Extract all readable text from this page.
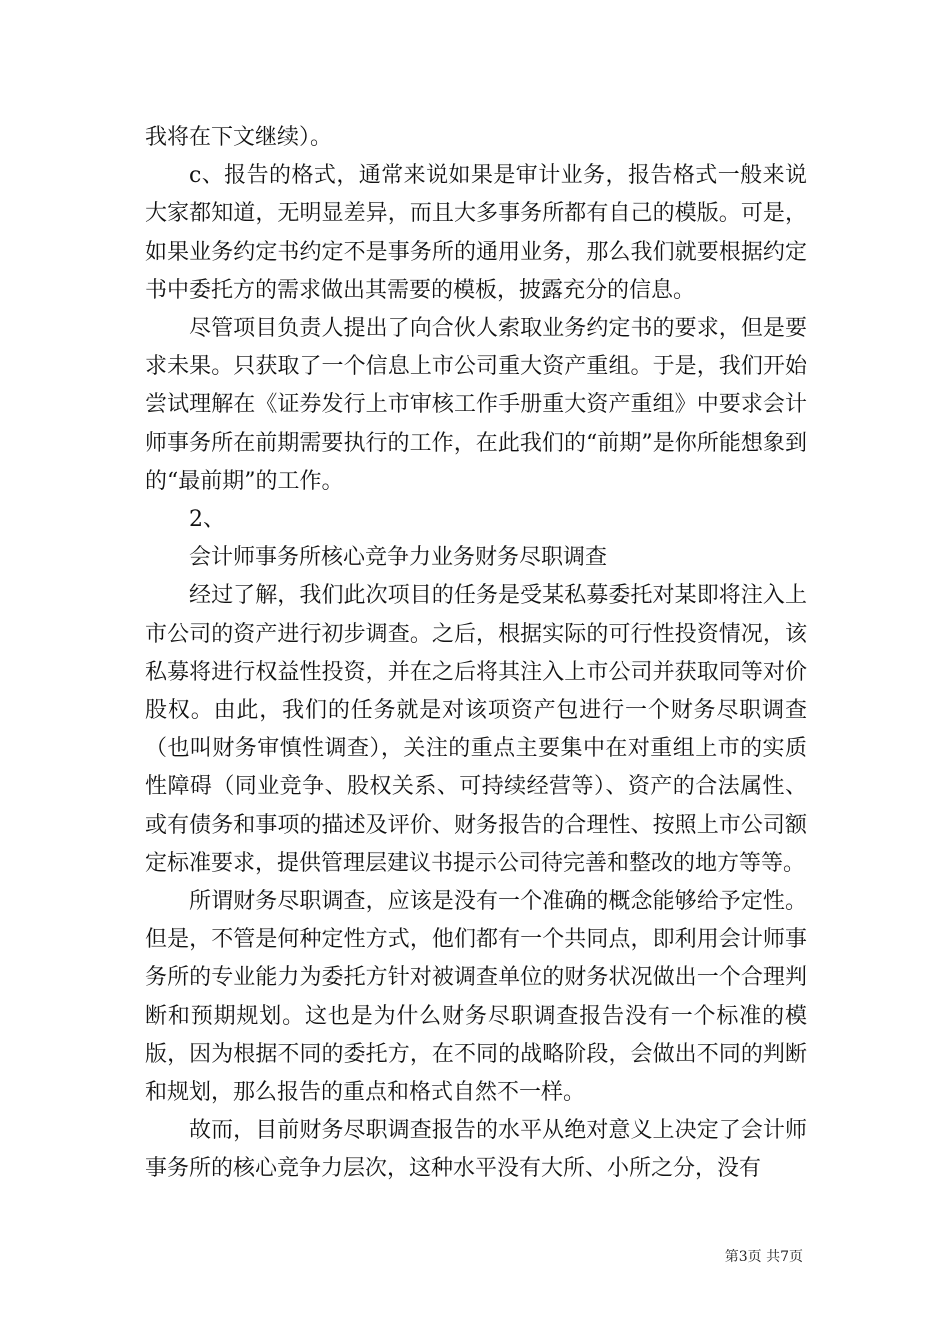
我将在下文继续）。

c、报告的格式，通常来说如果是审计业务，报告格式一般来说大家都知道，无明显差异，而且大多事务所都有自己的模版。可是，如果业务约定书约定不是事务所的通用业务，那么我们就要根据约定书中委托方的需求做出其需要的模板，披露充分的信息。

尽管项目负责人提出了向合伙人索取业务约定书的要求，但是要求未果。只获取了一个信息上市公司重大资产重组。于是，我们开始尝试理解在《证券发行上市审核工作手册重大资产重组》中要求会计师事务所在前期需要执行的工作，在此我们的“前期”是你所能想象到的“最前期”的工作。

2、

会计师事务所核心竞争力业务财务尽职调查

经过了解，我们此次项目的任务是受某私募委托对某即将注入上市公司的资产进行初步调查。之后，根据实际的可行性投资情况，该私募将进行权益性投资，并在之后将其注入上市公司并获取同等对价股权。由此，我们的任务就是对该项资产包进行一个财务尽职调查（也叫财务审慎性调查），关注的重点主要集中在对重组上市的实质性障碍（同业竞争、股权关系、可持续经营等）、资产的合法属性、或有债务和事项的描述及评价、财务报告的合理性、按照上市公司额定标准要求，提供管理层建议书提示公司待完善和整改的地方等等。

所谓财务尽职调查，应该是没有一个准确的概念能够给予定性。但是，不管是何种定性方式，他们都有一个共同点，即利用会计师事务所的专业能力为委托方针对被调查单位的财务状况做出一个合理判断和预期规划。这也是为什么财务尽职调查报告没有一个标准的模版，因为根据不同的委托方，在不同的战略阶段，会做出不同的判断和规划，那么报告的重点和格式自然不一样。

故而，目前财务尽职调查报告的水平从绝对意义上决定了会计师事务所的核心竞争力层次，这种水平没有大所、小所之分，没有

第3页 共7页
